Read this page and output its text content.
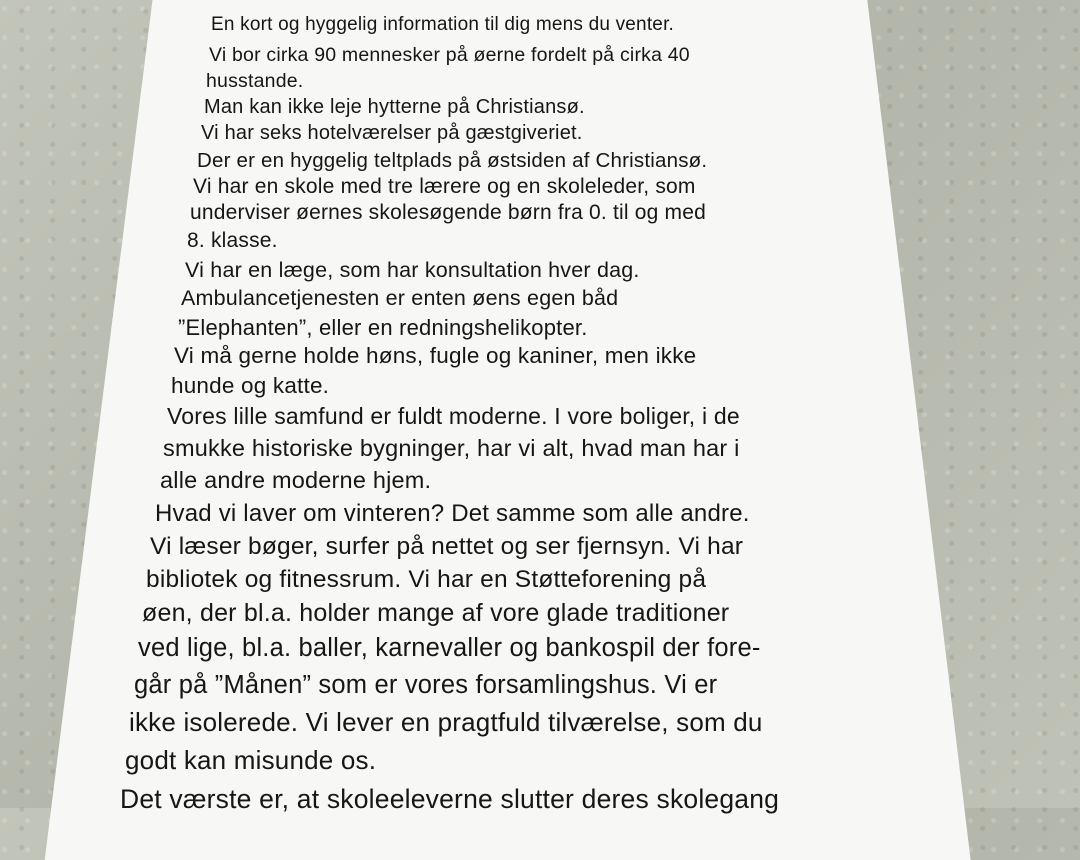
En kort og hyggelig information til dig mens du venter.
Vi bor cirka 90 mennesker på øerne fordelt på cirka 40
husstande.
Man kan ikke leje hytterne på Christiansø.
Vi har seks hotelværelser på gæstgiveriet.
Der er en hyggelig teltplads på østsiden af Christiansø.
Vi har en skole med tre lærere og en skoleleder, som
underviser øernes skolesøgende børn fra 0. til og med
8. klasse.
Vi har en læge, som har konsultation hver dag.
Ambulancetjenesten er enten øens egen båd
”Elephanten”, eller en redningshelikopter.
Vi må gerne holde høns, fugle og kaniner, men ikke
hunde og katte.
Vores lille samfund er fuldt moderne. I vore boliger, i de
smukke historiske bygninger, har vi alt, hvad man har i
alle andre moderne hjem.
Hvad vi laver om vinteren? Det samme som alle andre.
Vi læser bøger, surfer på nettet og ser fjernsyn. Vi har
bibliotek og fitnessrum. Vi har en Støtteforening på
øen, der bl.a. holder mange af vore glade traditioner
ved lige, bl.a. baller, karnevaller og bankospil der fore-
går på ”Månen” som er vores forsamlingshus. Vi er
ikke isolerede. Vi lever en pragtfuld tilværelse, som du
godt kan misunde os.
Det værste er, at skoleeleverne slutter deres skolegang
